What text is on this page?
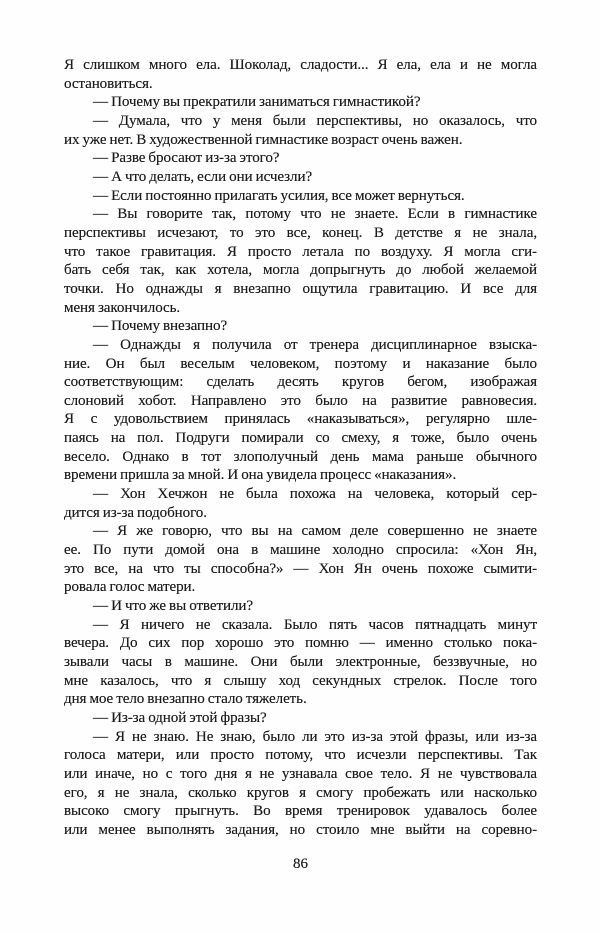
Я слишком много ела. Шоколад, сладости... Я ела, ела и не могла
остановиться.
— Почему вы прекратили заниматься гимнастикой?
— Думала, что у меня были перспективы, но оказалось, что
их уже нет. В художественной гимнастике возраст очень важен.
— Разве бросают из-за этого?
— А что делать, если они исчезли?
— Если постоянно прилагать усилия, все может вернуться.
— Вы говорите так, потому что не знаете. Если в гимнастике
перспективы исчезают, то это все, конец. В детстве я не знала,
что такое гравитация. Я просто летала по воздуху. Я могла сги-
бать себя так, как хотела, могла допрыгнуть до любой желаемой
точки. Но однажды я внезапно ощутила гравитацию. И все для
меня закончилось.
— Почему внезапно?
— Однажды я получила от тренера дисциплинарное взыска-
ние. Он был веселым человеком, поэтому и наказание было
соответствующим: сделать десять кругов бегом, изображая
слоновий хобот. Направлено это было на развитие равновесия.
Я с удовольствием принялась «наказываться», регулярно шле-
паясь на пол. Подруги помирали со смеху, я тоже, было очень
весело. Однако в тот злополучный день мама раньше обычного
времени пришла за мной. И она увидела процесс «наказания».
— Хон Хечжон не была похожа на человека, который сер-
дится из-за подобного.
— Я же говорю, что вы на самом деле совершенно не знаете
ее. По пути домой она в машине холодно спросила: «Хон Ян,
это все, на что ты способна?» — Хон Ян очень похоже сымити-
ровала голос матери.
— И что же вы ответили?
— Я ничего не сказала. Было пять часов пятнадцать минут
вечера. До сих пор хорошо это помню — именно столько пока-
зывали часы в машине. Они были электронные, беззвучные, но
мне казалось, что я слышу ход секундных стрелок. После того
дня мое тело внезапно стало тяжелеть.
— Из-за одной этой фразы?
— Я не знаю. Не знаю, было ли это из-за этой фразы, или из-за
голоса матери, или просто потому, что исчезли перспективы. Так
или иначе, но с того дня я не узнавала свое тело. Я не чувствовала
его, я не знала, сколько кругов я смогу пробежать или насколько
высоко смогу прыгнуть. Во время тренировок удавалось более
или менее выполнять задания, но стоило мне выйти на соревно-
86
